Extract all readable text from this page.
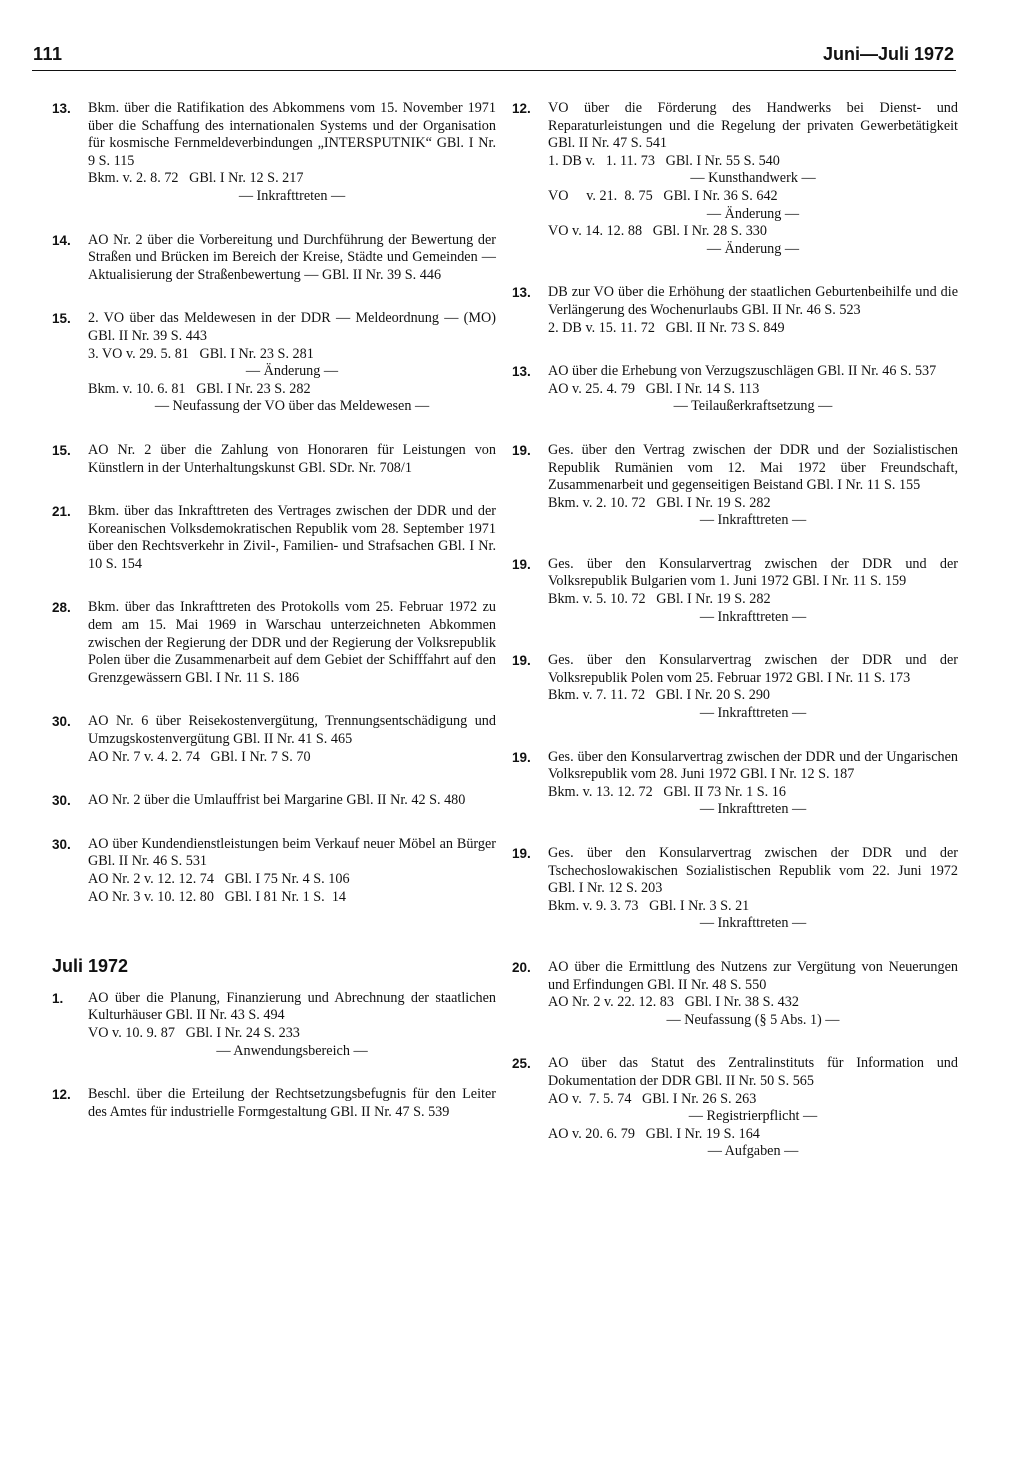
111	Juni—Juli 1972
13.	Bkm. über die Ratifikation des Abkommens vom 15. November 1971 über die Schaffung des internationalen Systems und der Organisation für kosmische Fernmeldeverbindungen „INTERSPUTNIK“ GBl. I Nr. 9 S. 115
Bkm. v. 2. 8. 72   GBl. I Nr. 12 S. 217
— Inkrafttreten —
14.	AO Nr. 2 über die Vorbereitung und Durchführung der Bewertung der Straßen und Brücken im Bereich der Kreise, Städte und Gemeinden — Aktualisierung der Straßenbewertung — GBl. II Nr. 39 S. 446
15.	2. VO über das Meldewesen in der DDR — Meldeordnung — (MO) GBl. II Nr. 39 S. 443
3. VO v. 29. 5. 81   GBl. I Nr. 23 S. 281
— Änderung —
Bkm. v. 10. 6. 81   GBl. I Nr. 23 S. 282
— Neufassung der VO über das Meldewesen —
15.	AO Nr. 2 über die Zahlung von Honoraren für Leistungen von Künstlern in der Unterhaltungskunst GBl. SDr. Nr. 708/1
21.	Bkm. über das Inkrafttreten des Vertrages zwischen der DDR und der Koreanischen Volksdemokratischen Republik vom 28. September 1971 über den Rechtsverkehr in Zivil-, Familien- und Strafsachen GBl. I Nr. 10 S. 154
28.	Bkm. über das Inkrafttreten des Protokolls vom 25. Februar 1972 zu dem am 15. Mai 1969 in Warschau unterzeichneten Abkommen zwischen der Regierung der DDR und der Regierung der Volksrepublik Polen über die Zusammenarbeit auf dem Gebiet der Schifffahrt auf den Grenzgewässern GBl. I Nr. 11 S. 186
30.	AO Nr. 6 über Reisekostenvergütung, Trennungsentschädigung und Umzugskostenvergütung GBl. II Nr. 41 S. 465
AO Nr. 7 v. 4. 2. 74   GBl. I Nr. 7 S. 70
30.	AO Nr. 2 über die Umlauffrist bei Margarine GBl. II Nr. 42 S. 480
30.	AO über Kundendienstleistungen beim Verkauf neuer Möbel an Bürger GBl. II Nr. 46 S. 531
AO Nr. 2 v. 12. 12. 74   GBl. I 75 Nr. 4 S. 106
AO Nr. 3 v. 10. 12. 80   GBl. I 81 Nr. 1 S.  14
Juli 1972
1.	AO über die Planung, Finanzierung und Abrechnung der staatlichen Kulturhäuser GBl. II Nr. 43 S. 494
VO v. 10. 9. 87   GBl. I Nr. 24 S. 233
— Anwendungsbereich —
12.	Beschl. über die Erteilung der Rechtsetzungsbefugnis für den Leiter des Amtes für industrielle Formgestaltung GBl. II Nr. 47 S. 539
12.	VO über die Förderung des Handwerks bei Dienst- und Reparaturleistungen und die Regelung der privaten Gewerbetätigkeit GBl. II Nr. 47 S. 541
1. DB v.   1. 11. 73   GBl. I Nr. 55 S. 540
— Kunsthandwerk —
VO     v. 21.  8. 75   GBl. I Nr. 36 S. 642
— Änderung —
VO v. 14. 12. 88   GBl. I Nr. 28 S. 330
— Änderung —
13.	DB zur VO über die Erhöhung der staatlichen Geburtenbeihilfe und die Verlängerung des Wochenurlaubs GBl. II Nr. 46 S. 523
2. DB v. 15. 11. 72   GBl. II Nr. 73 S. 849
13.	AO über die Erhebung von Verzugszuschlägen GBl. II Nr. 46 S. 537
AO v. 25. 4. 79   GBl. I Nr. 14 S. 113
— Teilaußerkraftsetzung —
19.	Ges. über den Vertrag zwischen der DDR und der Sozialistischen Republik Rumänien vom 12. Mai 1972 über Freundschaft, Zusammenarbeit und gegenseitigen Beistand GBl. I Nr. 11 S. 155
Bkm. v. 2. 10. 72   GBl. I Nr. 19 S. 282
— Inkrafttreten —
19.	Ges. über den Konsularvertrag zwischen der DDR und der Volksrepublik Bulgarien vom 1. Juni 1972 GBl. I Nr. 11 S. 159
Bkm. v. 5. 10. 72   GBl. I Nr. 19 S. 282
— Inkrafttreten —
19.	Ges. über den Konsularvertrag zwischen der DDR und der Volksrepublik Polen vom 25. Februar 1972 GBl. I Nr. 11 S. 173
Bkm. v. 7. 11. 72   GBl. I Nr. 20 S. 290
— Inkrafttreten —
19.	Ges. über den Konsularvertrag zwischen der DDR und der Ungarischen Volksrepublik vom 28. Juni 1972 GBl. I Nr. 12 S. 187
Bkm. v. 13. 12. 72   GBl. II 73 Nr. 1 S. 16
— Inkrafttreten —
19.	Ges. über den Konsularvertrag zwischen der DDR und der Tschechoslowakischen Sozialistischen Republik vom 22. Juni 1972 GBl. I Nr. 12 S. 203
Bkm. v. 9. 3. 73   GBl. I Nr. 3 S. 21
— Inkrafttreten —
20.	AO über die Ermittlung des Nutzens zur Vergütung von Neuerungen und Erfindungen GBl. II Nr. 48 S. 550
AO Nr. 2 v. 22. 12. 83   GBl. I Nr. 38 S. 432
— Neufassung (§ 5 Abs. 1) —
25.	AO über das Statut des Zentralinstituts für Information und Dokumentation der DDR GBl. II Nr. 50 S. 565
AO v.  7. 5. 74   GBl. I Nr. 26 S. 263
— Registrierpflicht —
AO v. 20. 6. 79   GBl. I Nr. 19 S. 164
— Aufgaben —
